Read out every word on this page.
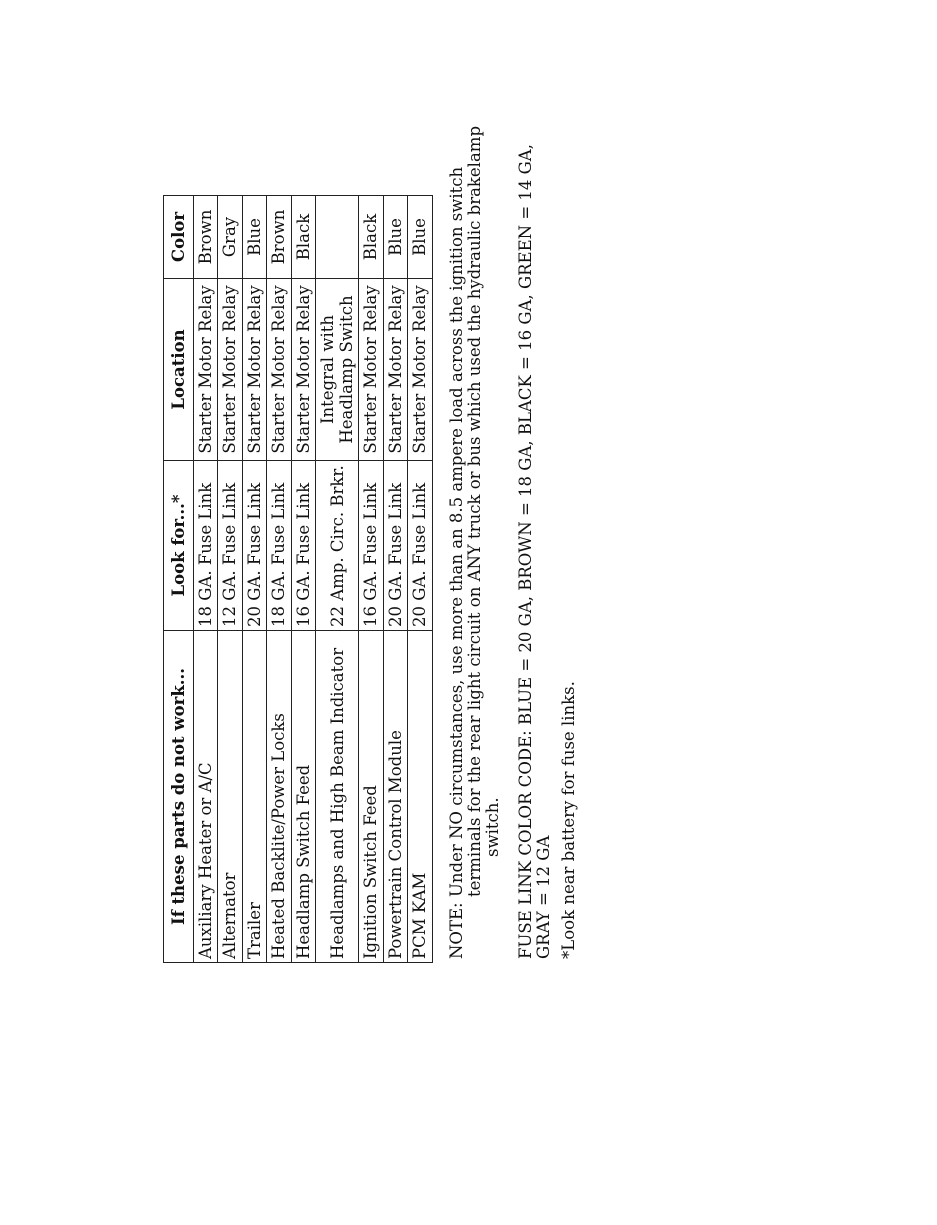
If these parts do not work...	Look for...*	Location	Color
Auxiliary Heater or A/C	18 GA. Fuse Link	Starter Motor Relay	Brown
Alternator	12 GA. Fuse Link	Starter Motor Relay	Gray
Trailer	20 GA. Fuse Link	Starter Motor Relay	Blue
Heated Backlite/Power Locks	18 GA. Fuse Link	Starter Motor Relay	Brown
Headlamp Switch Feed	16 GA. Fuse Link	Starter Motor Relay	Black
Headlamps and High Beam Indicator	22 Amp. Circ. Brkr.	Integral with Headlamp Switch	
Ignition Switch Feed	16 GA. Fuse Link	Starter Motor Relay	Black
Powertrain Control Module	20 GA. Fuse Link	Starter Motor Relay	Blue
PCM KAM	20 GA. Fuse Link	Starter Motor Relay	Blue
NOTE:
Under NO circumstances, use more than an 8.5 ampere load across the ignition switch
terminals for the rear light circuit on ANY truck or bus which used the hydraulic brakelamp
switch. FUSE LINK COLOR CODE: BLUE = 20 GA, BROWN = 18 GA, BLACK = 16 GA, GREEN = 14 GA,
GRAY = 12 GA *Look near battery for fuse links.
